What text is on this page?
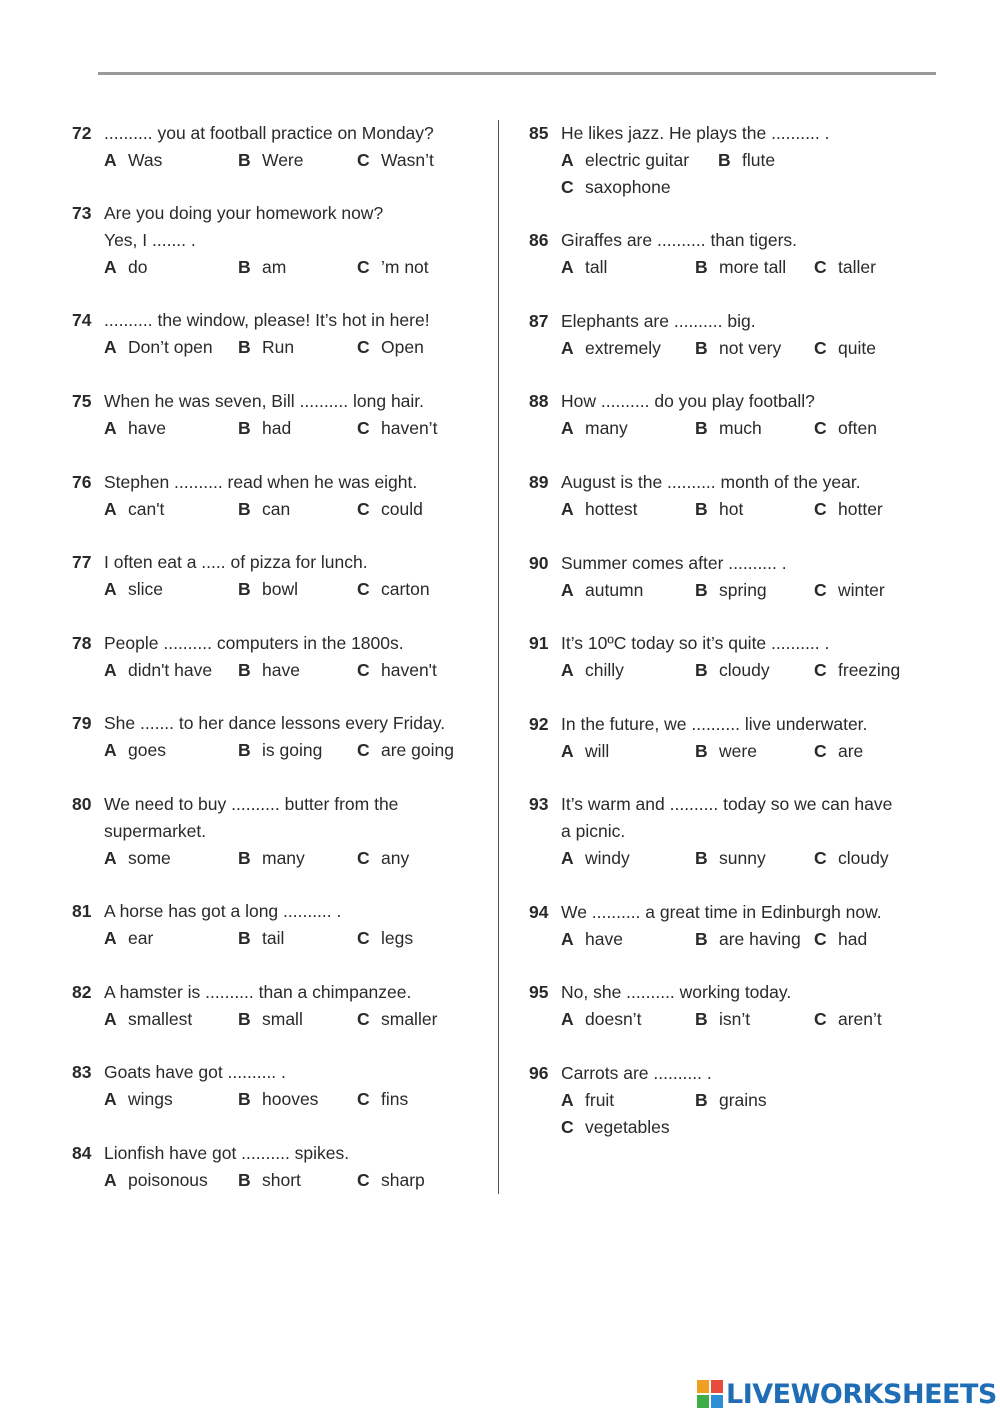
72 .......... you at football practice on Monday?
A Was	B Were	C Wasn’t
73 Are you doing your homework now?
Yes, I ....... .
A do	B am	C ’m not
74 .......... the window, please! It’s hot in here!
A Don’t open B Run	C Open
75 When he was seven, Bill .......... long hair.
A have	B had	C haven’t
76 Stephen .......... read when he was eight.
A can't	B can	C could
77 I often eat a ..... of pizza for lunch.
A slice	B bowl	C carton
78 People .......... computers in the 1800s.
A didn't have B have	C haven't
79 She ....... to her dance lessons every Friday.
A goes	B is going C are going
80 We need to buy .......... butter from the
supermarket.
A some	B many	C any
81 A horse has got a long .......... .
A ear	B tail	C legs
82 A hamster is .......... than a chimpanzee.
A smallest	B small	C smaller
83 Goats have got .......... .
A wings	B hooves C fins
84 Lionfish have got .......... spikes.
A poisonous B short	C sharp
85 He likes jazz. He plays the .......... .
A electric guitar B flute
C saxophone
86 Giraffes are .......... than tigers.
A tall	B more tall C taller
87 Elephants are .......... big.
A extremely B not very C quite
88 How .......... do you play football?
A many	B much	C often
89 August is the .......... month of the year.
A hottest	B hot	C hotter
90 Summer comes after .......... .
A autumn	B spring	C winter
91 It’s 10ºC today so it’s quite .......... .
A chilly	B cloudy	C freezing
92 In the future, we .......... live underwater.
A will	B were	C are
93 It’s warm and .......... today so we can have
a picnic.
A windy	B sunny	C cloudy
94 We .......... a great time in Edinburgh now.
A have	B are having C had
95 No, she .......... working today.
A doesn’t	B isn’t	C aren’t
96 Carrots are .......... .
A fruit	B grains
C vegetables
LIVEWORKSHEETS
